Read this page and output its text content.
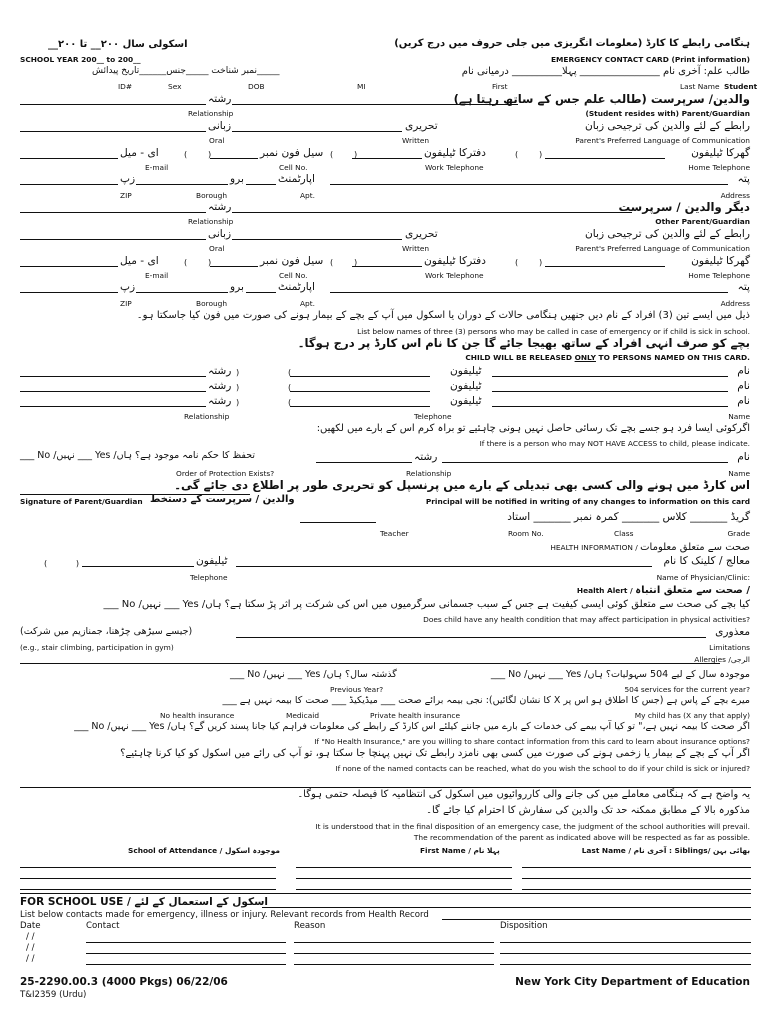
اسکولی سال ٢٠٠__ تا ٢٠٠__
SCHOOL YEAR 200__ to 200__
ہنگامی رابطے کا کارڈ (معلومات انگریزی میں جلی حروف میں درج کریں)
EMERGENCY CONTACT CARD (Print information)
_____نمبر شناخت _____جنس______تاریخ پیدائش
ID#	Sex	DOB
طالب علم: آخری نام ________________ پہلا__________ درمیانی نام
MI	First	Last Name Student
رشتہ	والدین/ سرپرست (طالب علم جس کے ساتھ رہتا ہے)
Relationship	(Student resides with) Parent/Guardian
زبانی	تحریری	رابطے کے لئے والدین کی ترجیحی زبان
Oral	Written	Parent's Preferred Language of Communication
ای - میل	(        )	سیل فون نمبر (        )	دفترکا ٹیلیفون	(        )	گھرکا ٹیلیفون
E-mail	Cell No.	Work Telephone	Home Telephone
زپ	برو	اپارٹمنٹ	پتہ
ZIP	Borough	Apt.	Address
رشتہ	دیگر والدین / سرپرست
Relationship	Other Parent/Guardian
زبانی	تحریری	رابطے کے لئے والدین کی ترجیحی زبان
Oral	Written	Parent's Preferred Language of Communication
ای - میل	(        )	سیل فون نمبر (        )	دفترکا ٹیلیفون	(        )	گھرکا ٹیلیفون
E-mail	Cell No.	Work Telephone	Home Telephone
زپ	برو	اپارٹمنٹ	پتہ
ZIP	Borough	Apt.	Address
ذیل میں ایسے تین (3) افراد کے نام دیں جنھیں ہنگامی حالات کے دوران یا اسکول میں آپ کے بچے کے بیمار ہونے کی صورت میں فون کیا جاسکتا ہو۔
List below names of three (3) persons who may be called in case of emergency or if child is sick in school.
بچے کو صرف انہی افراد کے ساتھ بھیجا جائے گا جن کا نام اس کارڈ پر درج ہوگا۔
CHILD WILL BE RELEASED ONLY TO PERSONS NAMED ON THIS CARD.
رشتہ )	(	ٹیلیفون	نام
رشتہ )	(	ٹیلیفون	نام
رشتہ )	(	ٹیلیفون	نام
Relationship	Telephone	Name
اگرکوئی ایسا فرد ہو جسے بچے تک رسائی حاصل نہیں ہونی چاہئیے تو براہ کرم اس کے بارے میں لکھیں:
If there is a person who may NOT HAVE ACCESS to child, please indicate.
تحفظ کا حکم نامہ موجود ہے؟ ہاں/ Yes ___ نہیں/ No ___	رشتہ	نام
Order of Protection Exists?	Relationship	Name
اس کارڈ میں ہونے والی کسی بھی تبدیلی کے بارے میں پرنسپل کو تحریری طور پر اطلاع دی جائے گی۔
Signature of Parent/Guardian والدین / سرپرست کے دستخط	Principal will be notified in writing of any changes to information on this card
گریڈ _______ کلاس _______ کمرہ نمبر _______ استاد
Teacher	Room No.	Class	Grade
HEALTH INFORMATION / صحت سے متعلق معلومات
(           )	ٹیلیفون	معالج / کلینک کا نام
Telephone	Name of Physician/Clinic:
Health Alert / صحت سے متعلق انتباہ /
کیا بچے کی صحت سے متعلق کوئی ایسی کیفیت ہے جس کے سبب جسمانی سرگرمیوں میں اس کی شرکت پر اثر پڑ سکتا ہے؟ ہاں/ Yes ___ نہیں/ No ___
Does child have any health condition that may affect participation in physical activities?
(جیسے سیڑھی چڑھنا، جمنازیم میں شرکت)	معذوری
(e.g., stair climbing, participation in gym)	Limitations
Allergies /الرجی
گذشتہ سال؟ ہاں/ Yes ___ نہیں/ No ___	موجودہ سال کے لیے 504 سہولیات؟ ہاں/ Yes ___ نہیں/ No ___
Previous Year?	504 services for the current year?
میرے بچے کے پاس ہے (جس کا اطلاق ہو اس پر X کا نشان لگائیں): نجی بیمہ برائے صحت ___ میڈیکیڈ ___ صحت کا بیمہ نہیں ہے ___
No health insurance	Medicaid	Private health insurance	My child has (X any that apply)
اگر صحت کا بیمہ نہیں ہے،" تو کیا آپ بیمے کی خدمات کے بارے میں جاننے کیلئے اس کارڈ کے رابطے کی معلومات فراہم کیا جانا پسند کریں گے؟ ہاں/ Yes ___ نہیں/ No ___
If "No Health Insurance," are you willing to share contact information from this card to learn about insurance options?
اگر آپ کے بچے کے بیمار یا زخمی ہونے کی صورت میں کسی بھی نامزد رابطے تک نہیں پہنچا جا سکتا ہو، تو آپ کی رائے میں اسکول کو کیا کرنا چاہئیے؟
If none of the named contacts can be reached, what do you wish the school to do if your child is sick or injured?
یہ واضح ہے کہ ہنگامی معاملے میں کی جانے والی کارروائیوں میں اسکول کی انتظامیہ کا فیصلہ حتمی ہوگا۔
مذکورہ بالا کے مطابق ممکنہ حد تک والدین کی سفارش کا احترام کیا جائے گا۔
It is understood that in the final disposition of an emergency case, the judgment of the school authorities will prevail.
The recommendation of the parent as indicated above will be respected as far as possible.
School of Attendance / موجودہ اسکول	First Name / پہلا نام	Last Name / آخری نام : Siblings/ بھائی بہن
FOR SCHOOL USE / اسکول کے استعمال کے لئے
List below contacts made for emergency, illness or injury. Relevant records from Health Record
Date	Contact	Reason	Disposition
/ /
/ /
/ /
25-2290.00.3 (4000 Pkgs) 06/22/06
T&I2359 (Urdu)
New York City Department of Education
